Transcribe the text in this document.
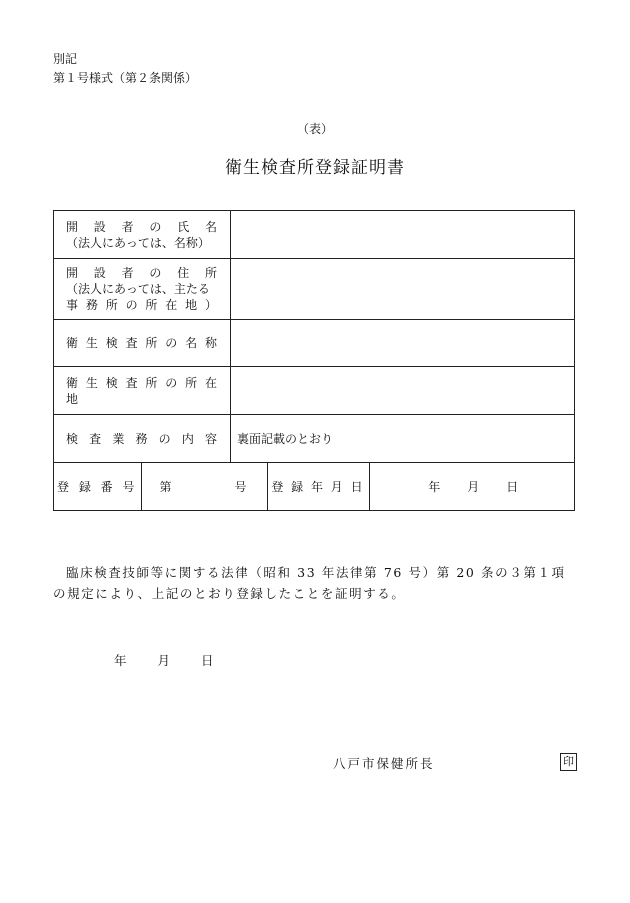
別記
第１号様式（第２条関係）
（表）
衛生検査所登録証明書
開　設　者　の　氏　名
（法人にあっては、名称）

開　設　者　の　住　所
（法人にあっては、主たる
事 務 所 の 所 在 地 ）

衛 生 検 査 所 の 名 称

衛 生 検 査 所 の 所 在 地

検 査 業 務 の 内 容	裏面記載のとおり

登 録 番 号	第	号	登 録 年 月 日	年 月 日
臨床検査技師等に関する法律（昭和 33 年法律第 76 号）第 20 条の３第１項の規定により、上記のとおり登録したことを証明する。
年 月 日
八戸市保健所長	印
